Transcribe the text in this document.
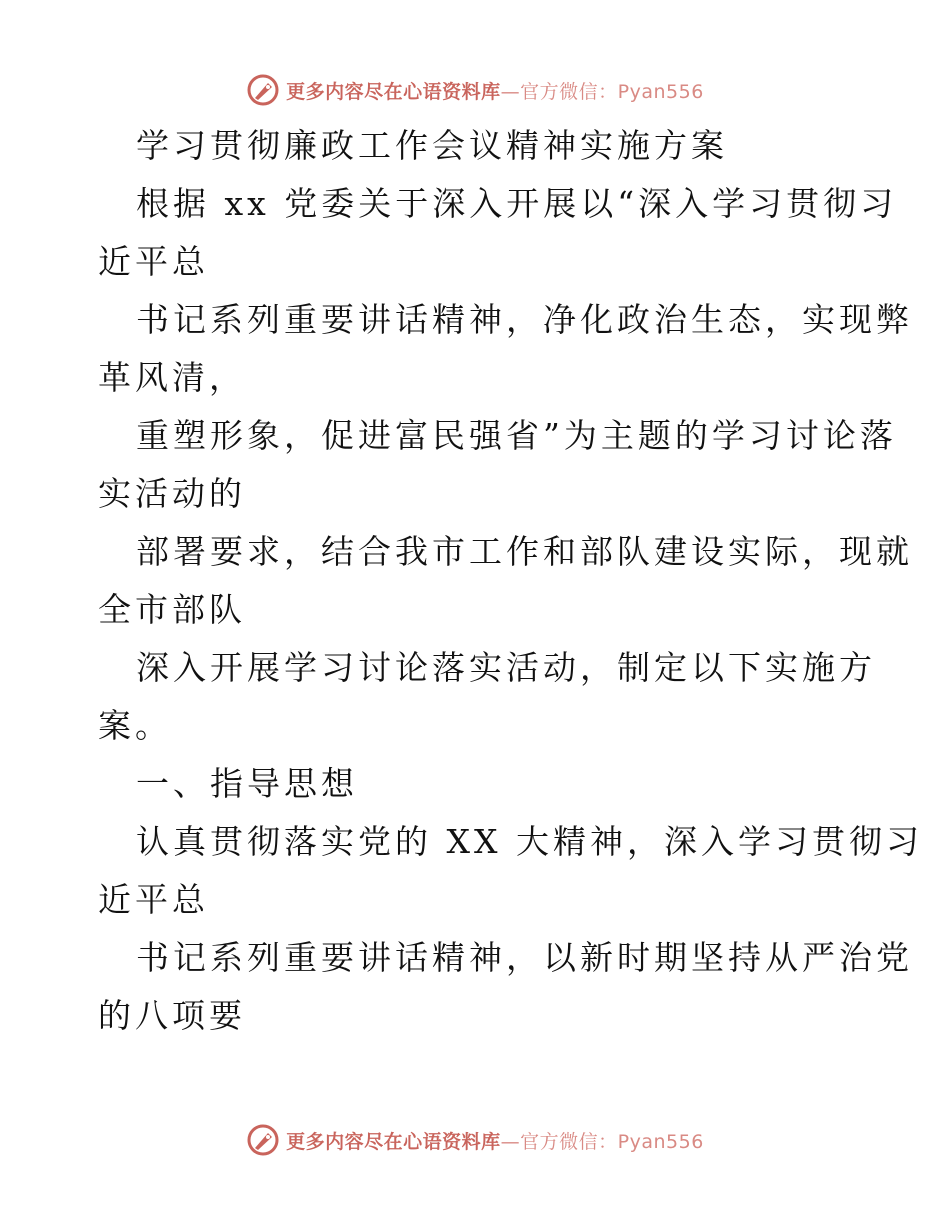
更多内容尽在心语资料库—官方微信：Pyan556
学习贯彻廉政工作会议精神实施方案
根据 xx 党委关于深入开展以“深入学习贯彻习
近平总
书记系列重要讲话精神，净化政治生态，实现弊
革风清，
重塑形象，促进富民强省”为主题的学习讨论落
实活动的
部署要求，结合我市工作和部队建设实际，现就
全市部队
深入开展学习讨论落实活动，制定以下实施方
案。
一、指导思想
认真贯彻落实党的 XX 大精神，深入学习贯彻习
近平总
书记系列重要讲话精神，以新时期坚持从严治党
的八项要
更多内容尽在心语资料库—官方微信：Pyan556
